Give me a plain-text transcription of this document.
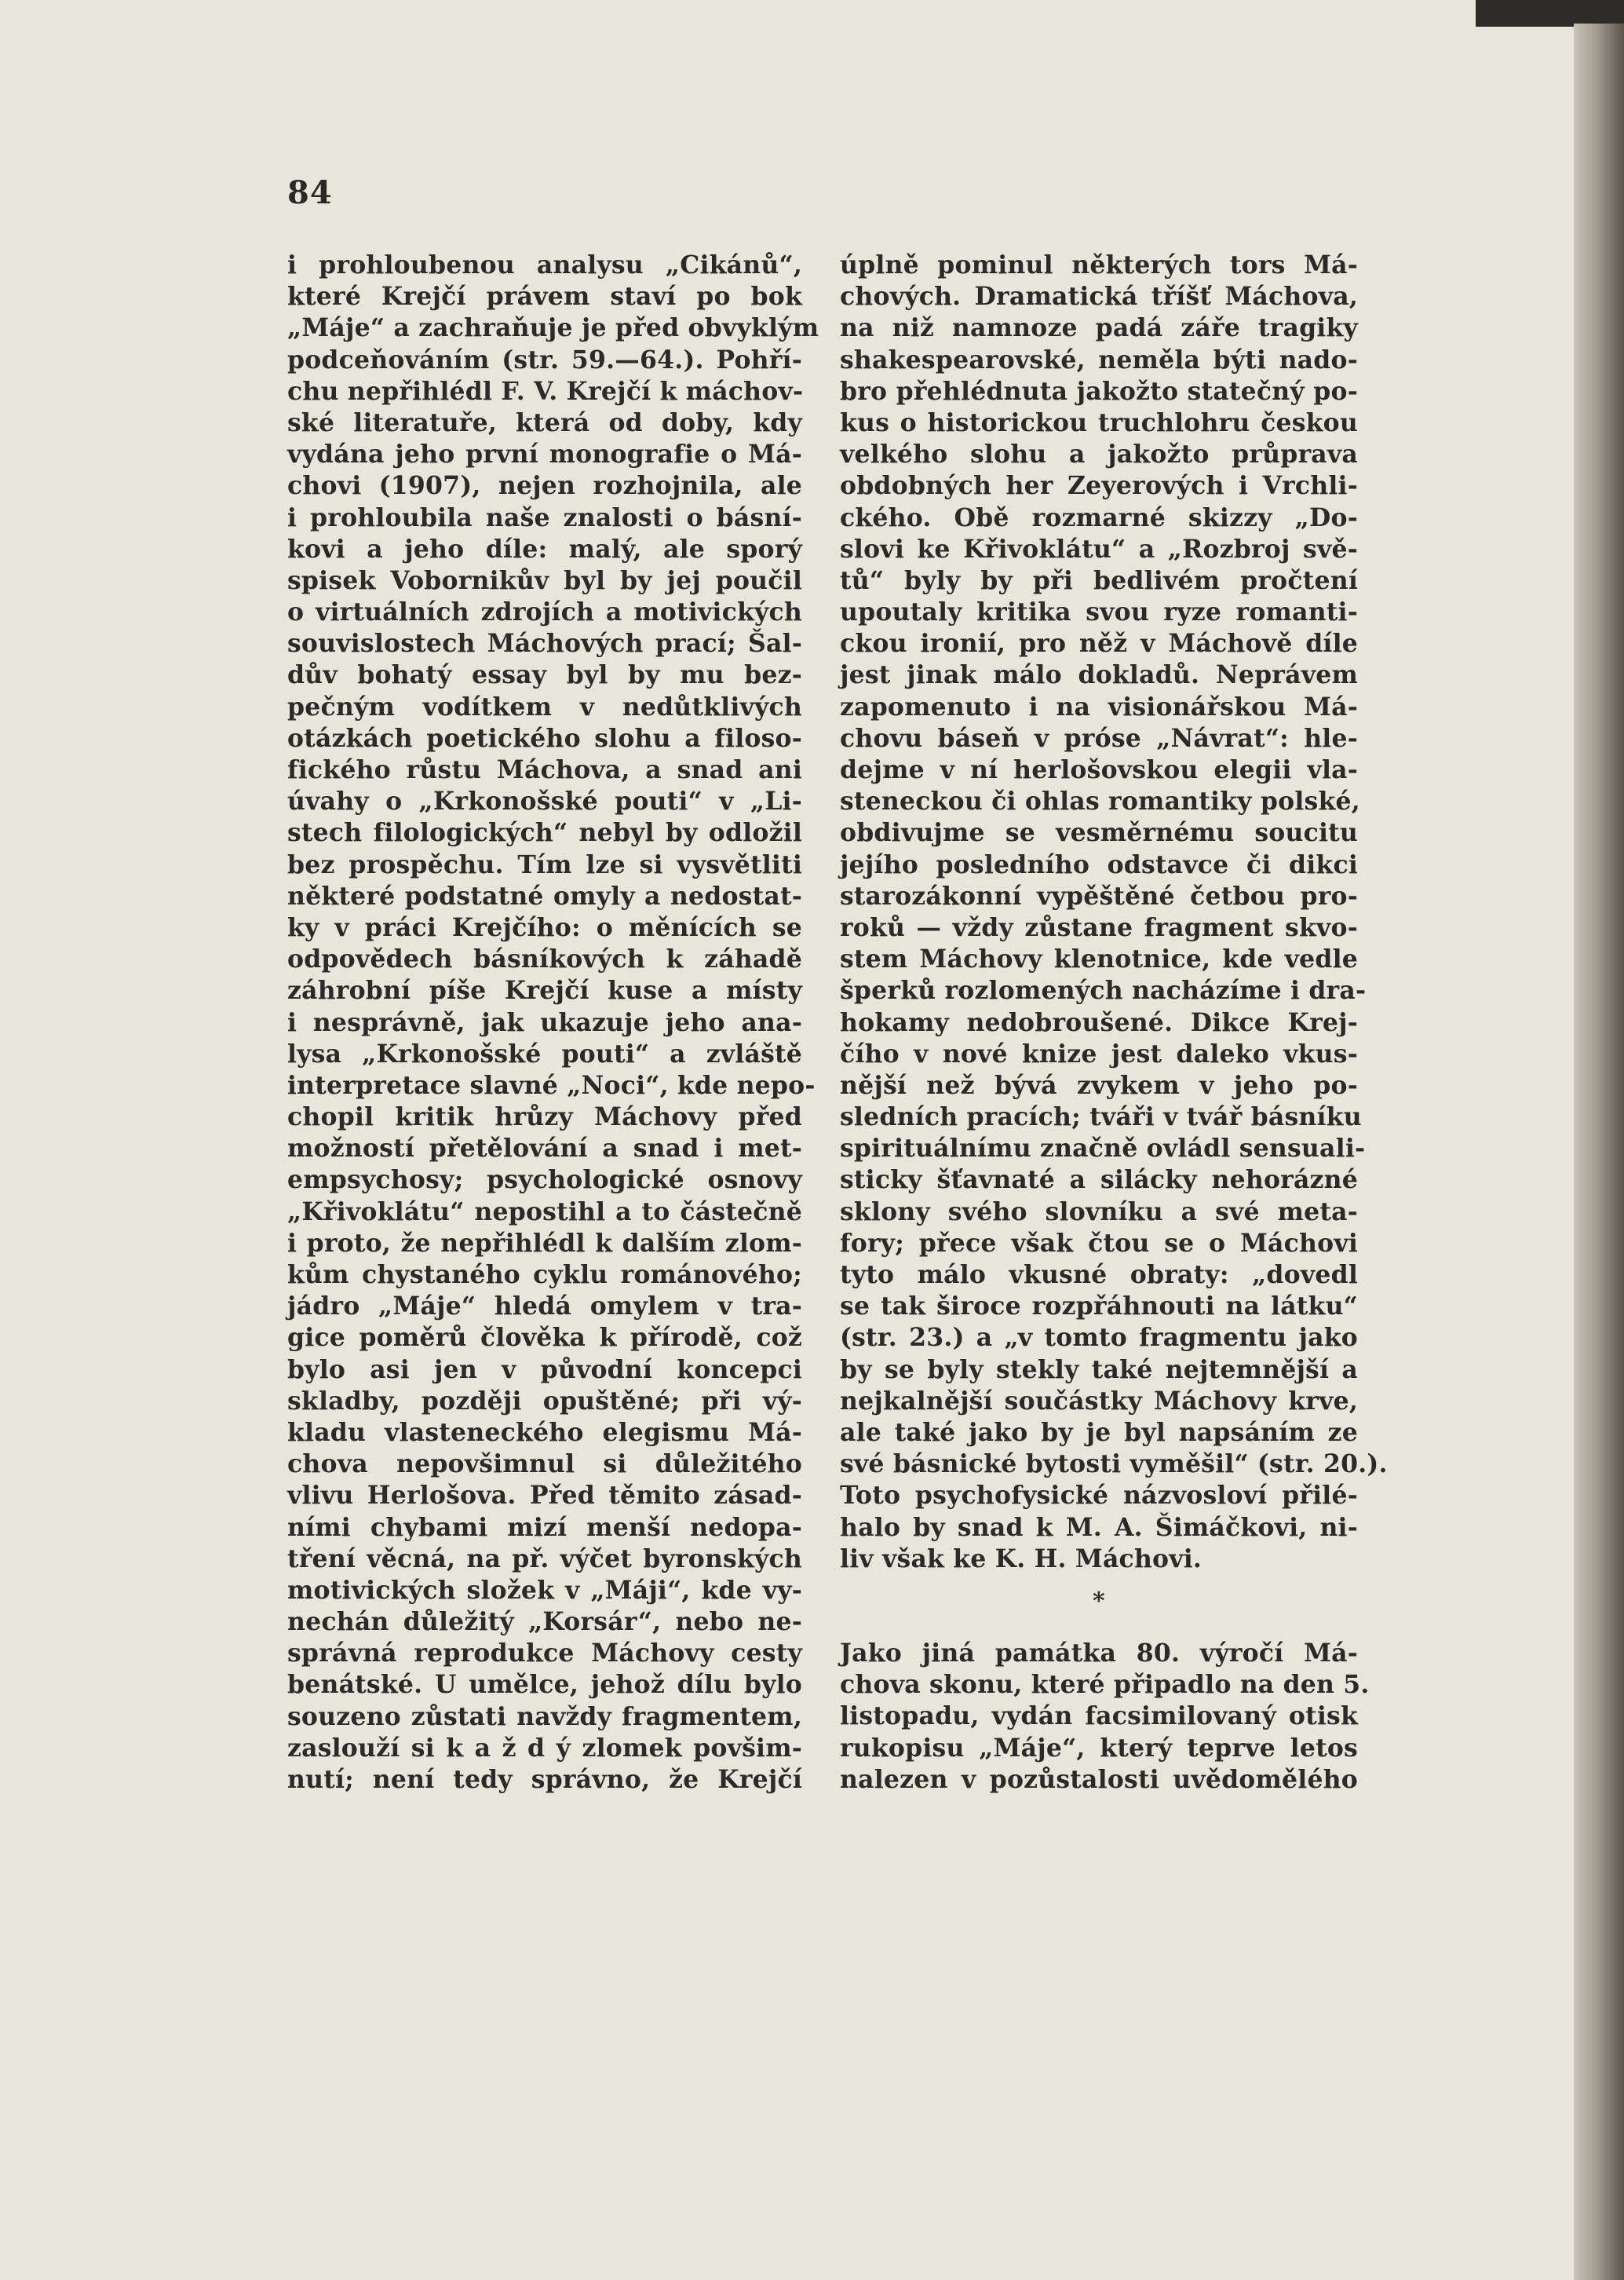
84
i prohloubenou analysu „Cikánů“,
které Krejčí právem staví po bok
„Máje“ a zachraňuje je před obvyklým
podceňováním (str. 59.—64.). Pohří-
chu nepřihlédl F. V. Krejčí k máchov-
ské literatuře, která od doby, kdy
vydána jeho první monografie o Má-
chovi (1907), nejen rozhojnila, ale
i prohloubila naše znalosti o básní-
kovi a jeho díle: malý, ale sporý
spisek Vobornikův byl by jej poučil
o virtuálních zdrojích a motivických
souvislostech Máchových prací; Šal-
dův bohatý essay byl by mu bez-
pečným vodítkem v nedůtklivých
otázkách poetického slohu a filoso-
fického růstu Máchova, a snad ani
úvahy o „Krkonošské pouti“ v „Li-
stech filologických“ nebyl by odložil
bez prospěchu. Tím lze si vysvětliti
některé podstatné omyly a nedostat-
ky v práci Krejčího: o měnících se
odpovědech básníkových k záhadě
záhrobní píše Krejčí kuse a místy
i nesprávně, jak ukazuje jeho ana-
lysa „Krkonošské pouti“ a zvláště
interpretace slavné „Noci“, kde nepo-
chopil kritik hrůzy Máchovy před
možností přetělování a snad i met-
empsychosy; psychologické osnovy
„Křivoklátu“ nepostihl a to částečně
i proto, že nepřihlédl k dalším zlom-
kům chystaného cyklu románového;
jádro „Máje“ hledá omylem v tra-
gice poměrů člověka k přírodě, což
bylo asi jen v původní koncepci
skladby, později opuštěné; při vý-
kladu vlasteneckého elegismu Má-
chova nepovšimnul si důležitého
vlivu Herlošova. Před těmito zásad-
ními chybami mizí menší nedopa-
tření věcná, na př. výčet byronských
motivických složek v „Máji“, kde vy-
nechán důležitý „Korsár“, nebo ne-
správná reprodukce Máchovy cesty
benátské. U umělce, jehož dílu bylo
souzeno zůstati navždy fragmentem,
zaslouží si k a ž d ý zlomek povšim-
nutí; není tedy správno, že Krejčí
úplně pominul některých tors Má-
chových. Dramatická tříšť Máchova,
na niž namnoze padá záře tragiky
shakespearovské, neměla býti nado-
bro přehlédnuta jakožto statečný po-
kus o historickou truchlohru českou
velkého slohu a jakožto průprava
obdobných her Zeyerových i Vrchli-
ckého. Obě rozmarné skizzy „Do-
slovi ke Křivoklátu“ a „Rozbroj svě-
tů“ byly by při bedlivém pročtení
upoutaly kritika svou ryze romanti-
ckou ironií, pro něž v Máchově díle
jest jinak málo dokladů. Neprávem
zapomenuto i na visionářskou Má-
chovu báseň v próse „Návrat“: hle-
dejme v ní herlošovskou elegii vla-
steneckou či ohlas romantiky polské,
obdivujme se vesměrnému soucitu
jejího posledního odstavce či dikci
starozákonní vypěštěné četbou pro-
roků — vždy zůstane fragment skvo-
stem Máchovy klenotnice, kde vedle
šperků rozlomených nacházíme i dra-
hokamy nedobroušené. Dikce Krej-
čího v nové knize jest daleko vkus-
nější než bývá zvykem v jeho po-
sledních pracích; tváři v tvář básníku
spirituálnímu značně ovládl sensuali-
sticky šťavnaté a silácky nehorázné
sklony svého slovníku a své meta-
fory; přece však čtou se o Máchovi
tyto málo vkusné obraty: „dovedl
se tak široce rozpřáhnouti na látku“
(str. 23.) a „v tomto fragmentu jako
by se byly stekly také nejtemnější a
nejkalnější součástky Máchovy krve,
ale také jako by je byl napsáním ze
své básnické bytosti vyměšil“ (str. 20.).
Toto psychofysické názvosloví přilé-
halo by snad k M. A. Šimáčkovi, ni-
liv však ke K. H. Máchovi.
*
Jako jiná památka 80. výročí Má-
chova skonu, které připadlo na den 5.
listopadu, vydán facsimilovaný otisk
rukopisu „Máje“, který teprve letos
nalezen v pozůstalosti uvědomělého
